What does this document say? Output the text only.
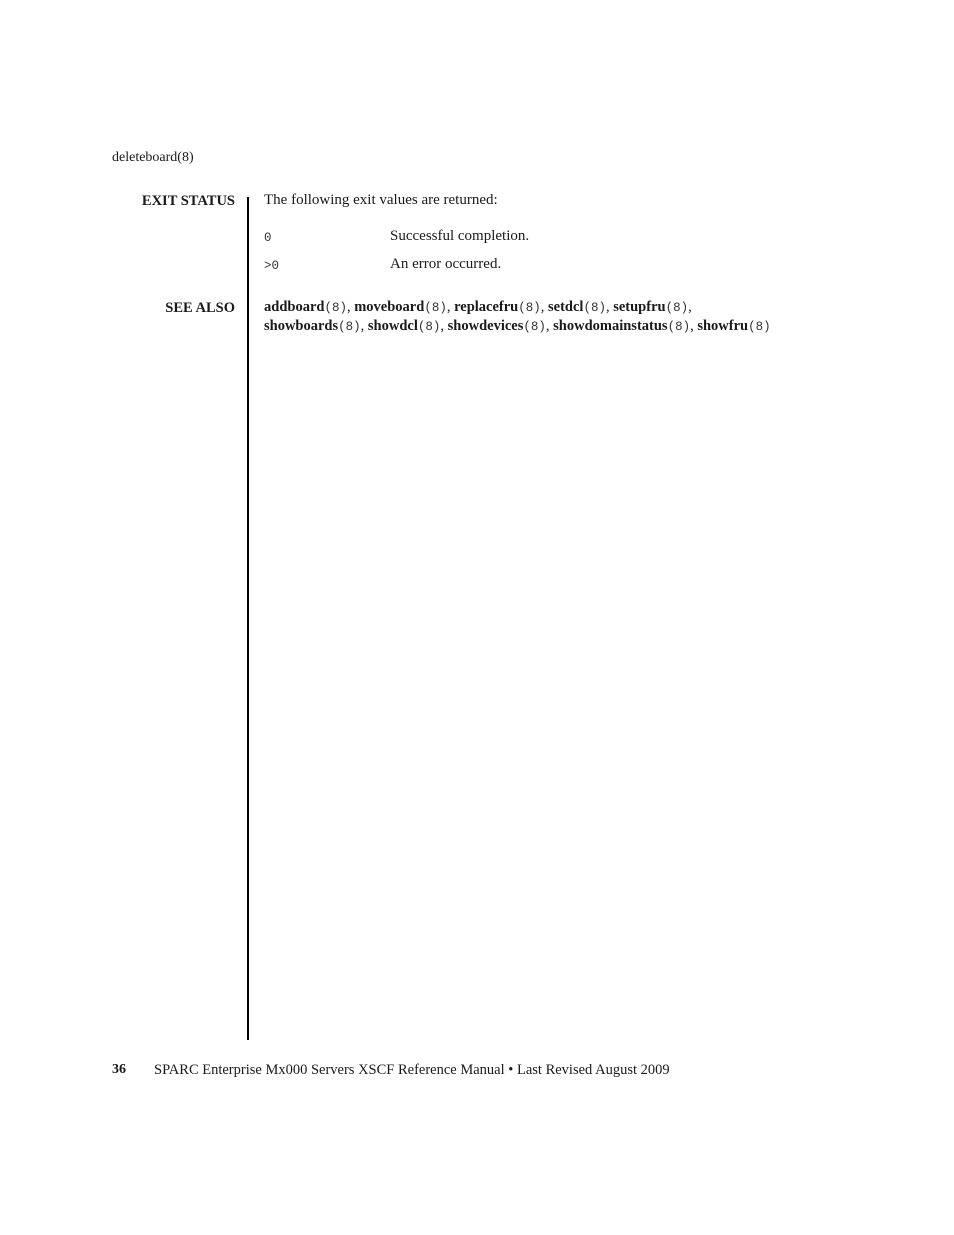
deleteboard(8)
EXIT STATUS The following exit values are returned:
0	Successful completion.
>0	An error occurred.
SEE ALSO addboard(8), moveboard(8), replacefru(8), setdcl(8), setupfru(8), showboards(8), showdcl(8), showdevices(8), showdomainstatus(8), showfru(8)
36 SPARC Enterprise Mx000 Servers XSCF Reference Manual • Last Revised August 2009
